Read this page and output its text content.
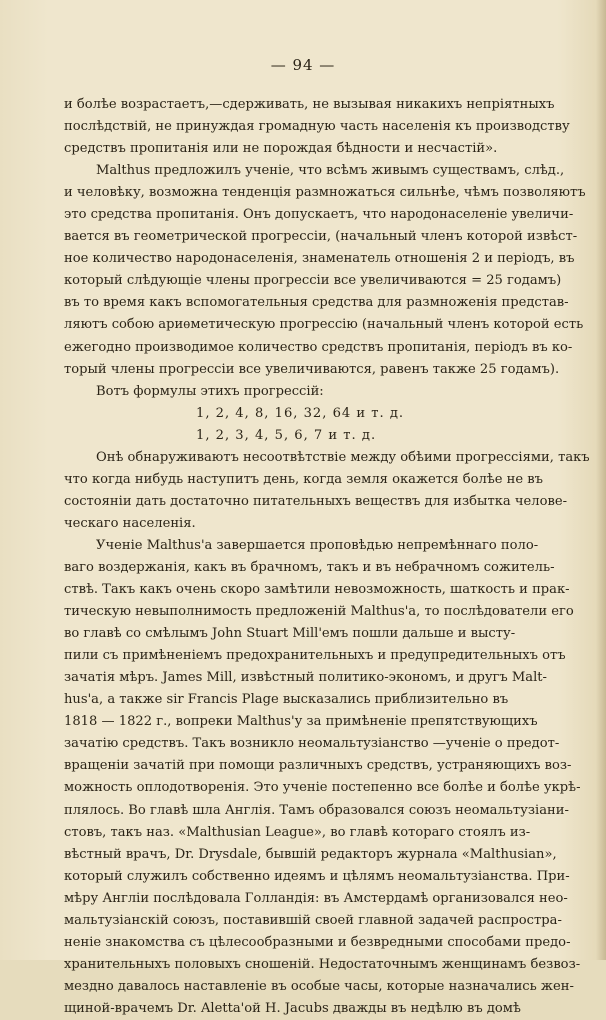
— 94 —
и болѣе возрастаетъ,—сдерживать, не вызывая никакихъ непріятныхъ
послѣдствій, не принуждая громадную часть населенія къ производству
средствъ пропитанія или не порождая бѣдности и несчастій».
Malthus предложилъ ученіе, что всѣмъ живымъ существамъ, слѣд.,
и человѣку, возможна тенденція размножаться сильнѣе, чѣмъ позволяютъ
это средства пропитанія. Онъ допускаетъ, что народонаселеніе увеличи-
вается въ геометрической прогрессіи, (начальный членъ которой извѣст-
ное количество народонаселенія, знаменатель отношенія 2 и періодъ, въ
который слѣдующіе члены прогрессіи все увеличиваются = 25 годамъ)
въ то время какъ вспомогательныя средства для размноженія представ-
ляютъ собою ариѳметическую прогрессію (начальный членъ которой есть
ежегодно производимое количество средствъ пропитанія, періодъ въ ко-
торый члены прогрессіи все увеличиваются, равенъ также 25 годамъ).
Вотъ формулы этихъ прогрессій:
1, 2, 4, 8, 16, 32, 64 и т. д.
1, 2, 3, 4, 5, 6, 7 и т. д.
Онѣ обнаруживаютъ несоотвѣтствіе между обѣими прогрессіями, такъ
что когда нибудь наступитъ день, когда земля окажется болѣе не въ
состояніи дать достаточно питательныхъ веществъ для избытка челове-
ческаго населенія.
Ученіе Malthus'а завершается проповѣдью непремѣннаго поло-
ваго воздержанія, какъ въ брачномъ, такъ и въ небрачномъ сожитель-
ствѣ. Такъ какъ очень скоро замѣтили невозможность, шаткость и прак-
тическую невыполнимость предложеній Malthus'а, то послѣдователи его
во главѣ со смѣлымъ John Stuart Mill'емъ пошли дальше и высту-
пили съ примѣненіемъ предохранительныхъ и предупредительныхъ отъ
зачатія мѣръ. James Mill, извѣстный политико-экономъ, и другъ Malt-
hus'а, а также sir Francis Plage высказались приблизительно въ
1818 — 1822 г., вопреки Malthus'у за примѣненіе препятствующихъ
зачатію средствъ. Такъ возникло неомальтузіанство —ученіе о предот-
вращеніи зачатій при помощи различныхъ средствъ, устраняющихъ воз-
можность оплодотворенія. Это ученіе постепенно все болѣе и болѣе укрѣ-
плялось. Во главѣ шла Англія. Тамъ образовался союзъ неомальтузіани-
стовъ, такъ наз. «Malthusian League», во главѣ котораго стоялъ из-
вѣстный врачъ, Dr. Drysdale, бывшій редакторъ журнала «Malthusian»,
который служилъ собственно идеямъ и цѣлямъ неомальтузіанства. При-
мѣру Англіи послѣдовала Голландія: въ Амстердамѣ организовался нео-
мальтузіанскій союзъ, поставившій своей главной задачей распростра-
неніе знакомства съ цѣлесообразными и безвредными способами предо-
хранительныхъ половыхъ сношеній. Недостаточнымъ женщинамъ безвоз-
мездно давалось наставленіе въ особые часы, которые назначались жен-
щиной-врачемъ Dr. Aletta'ой H. Jacubs дважды въ недѣлю въ домѣ
